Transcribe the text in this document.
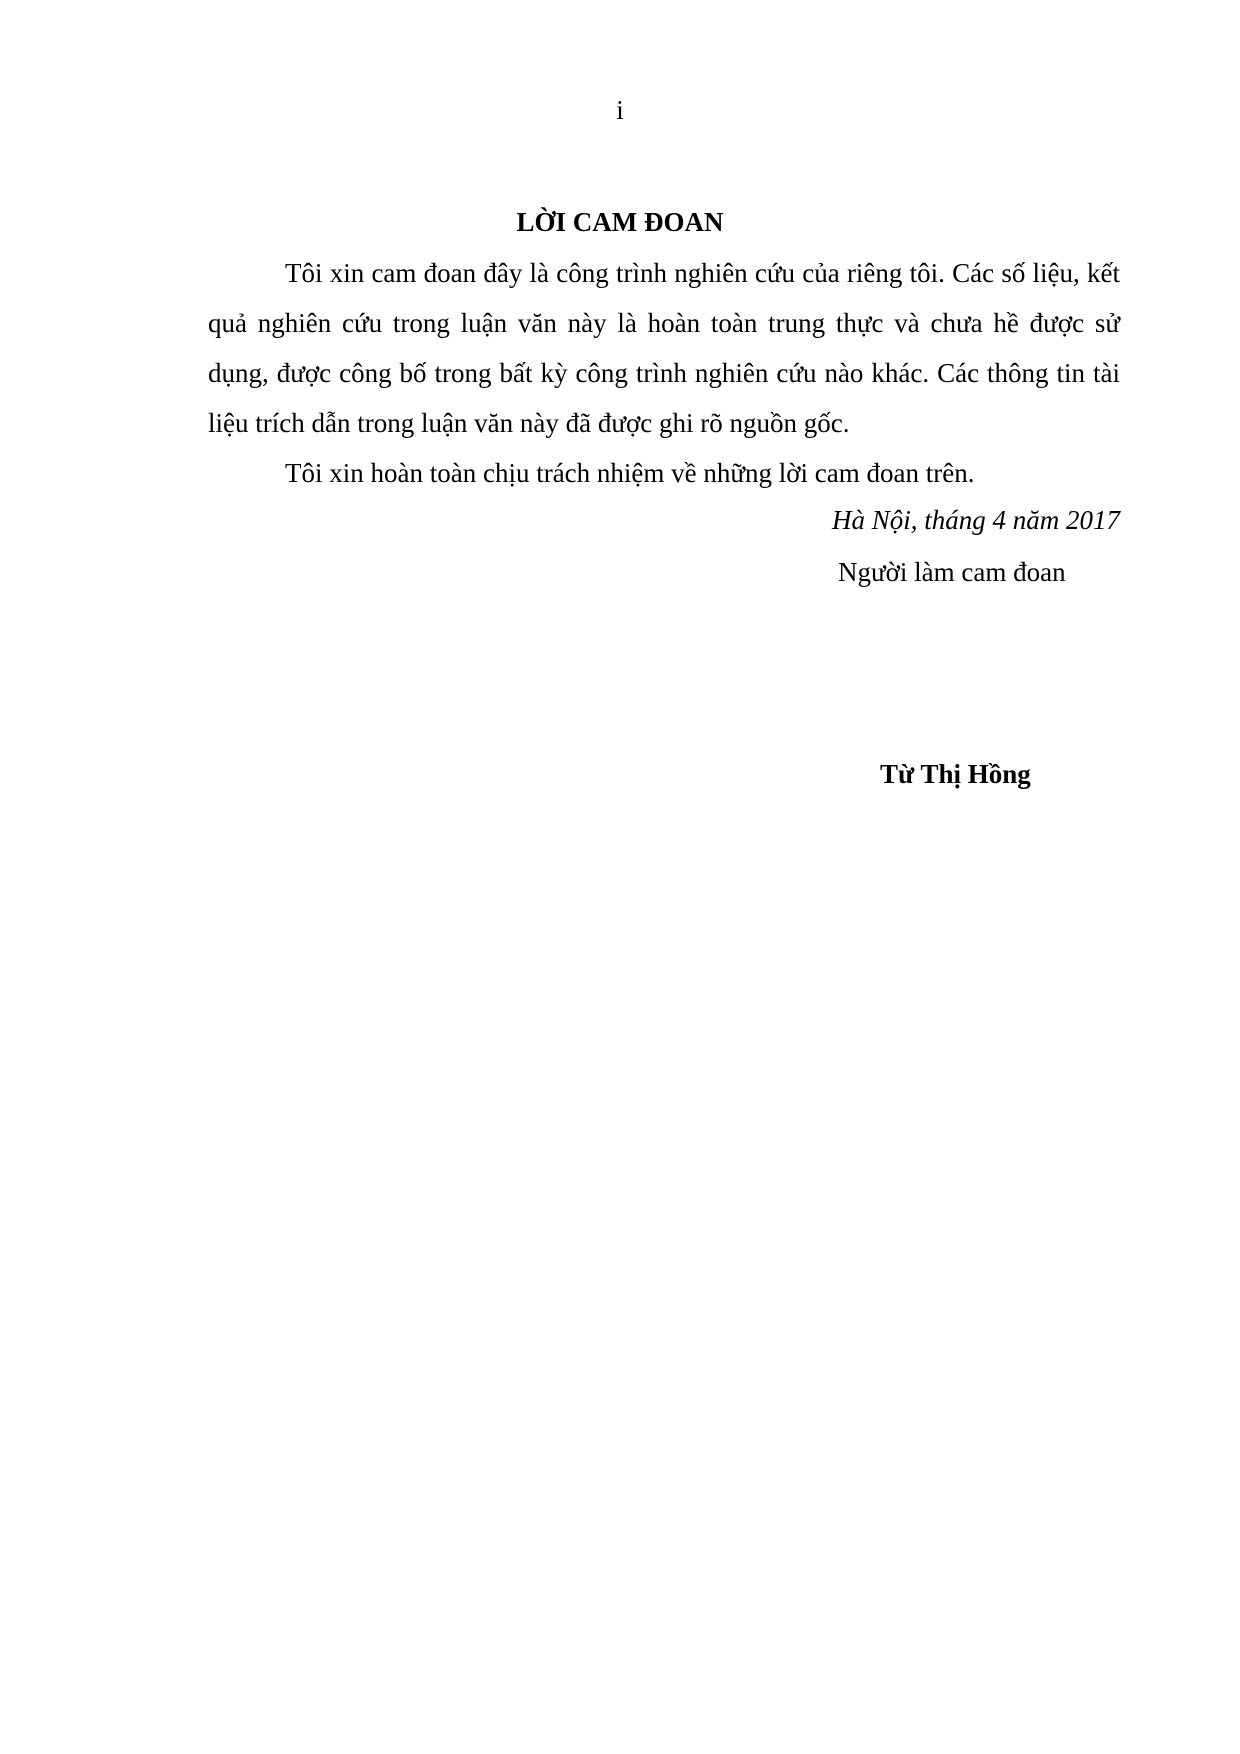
i
LỜI CAM ĐOAN

Tôi xin cam đoan đây là công trình nghiên cứu của riêng tôi. Các số liệu, kết quả nghiên cứu trong luận văn này là hoàn toàn trung thực và chưa hề được sử dụng, được công bố trong bất kỳ công trình nghiên cứu nào khác. Các thông tin tài liệu trích dẫn trong luận văn này đã được ghi rõ nguồn gốc.

Tôi xin hoàn toàn chịu trách nhiệm về những lời cam đoan trên.

Hà Nội, tháng 4 năm 2017
Người làm cam đoan
Từ Thị Hồng
